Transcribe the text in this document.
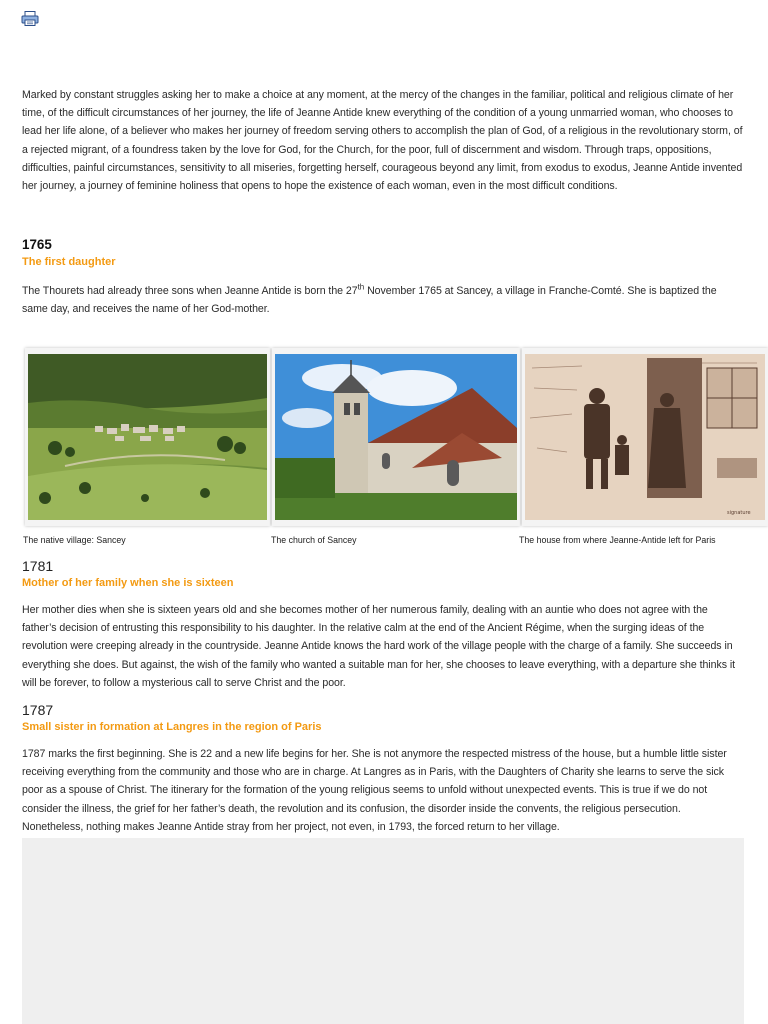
Marked by constant struggles asking her to make a choice at any moment, at the mercy of the changes in the familiar, political and religious climate of her time, of the difficult circumstances of her journey, the life of Jeanne Antide knew everything of the condition of a young unmarried woman, who chooses to lead her life alone, of a believer who makes her journey of freedom serving others to accomplish the plan of God, of a religious in the revolutionary storm, of a rejected migrant, of a foundress taken by the love for God, for the Church, for the poor, full of discernment and wisdom. Through traps, oppositions, difficulties, painful circumstances, sensitivity to all miseries, forgetting herself, courageous beyond any limit, from exodus to exodus, Jeanne Antide invented her journey, a journey of feminine holiness that opens to hope the existence of each woman, even in the most difficult conditions.

1765

The first daughter

The Thourets had already three sons when Jeanne Antide is born the 27th November 1765 at Sancey, a village in Franche-Comté. She is baptized the same day, and receives the name of her God-mother.

signature
The native village: Sancey	The church of Sancey	The house from where Jeanne-Antide left for Paris

1781

Mother of her family when she is sixteen

Her mother dies when she is sixteen years old and she becomes mother of her numerous family, dealing with an auntie who does not agree with the father’s decision of entrusting this responsibility to his daughter. In the relative calm at the end of the Ancient Régime, when the surging ideas of the revolution were creeping already in the countryside. Jeanne Antide knows the hard work of the village people with the charge of a family. She succeeds in everything she does. But against, the wish of the family who wanted a suitable man for her, she chooses to leave everything, with a departure she thinks it will be forever, to follow a mysterious call to serve Christ and the poor.

1787

Small sister in formation at Langres in the region of Paris

1787 marks the first beginning. She is 22 and a new life begins for her. She is not anymore the respected mistress of the house, but a humble little sister receiving everything from the community and those who are in charge. At Langres as in Paris, with the Daughters of Charity she learns to serve the sick poor as a spouse of Christ. The itinerary for the formation of the young religious seems to unfold without unexpected events. This is true if we do not consider the illness, the grief for her father’s death, the revolution and its confusion, the disorder inside the convents, the religious persecution. Nonetheless, nothing makes Jeanne Antide stray from her project, not even, in 1793, the forced return to her village.
